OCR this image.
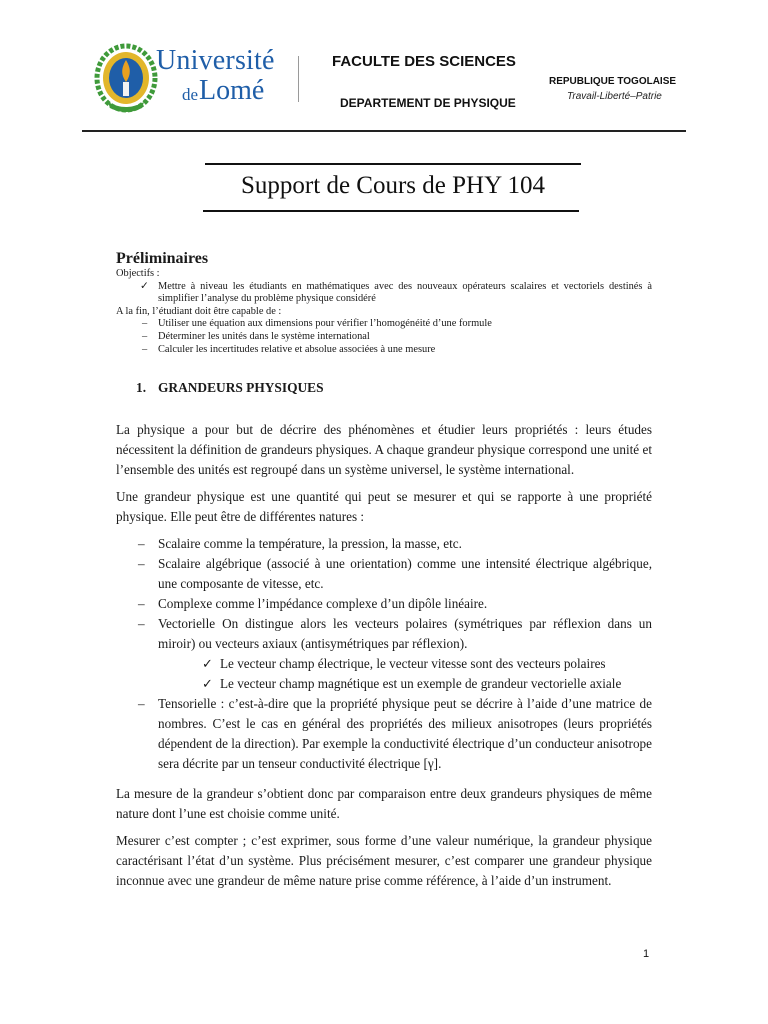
Université
$^{de}$Lomé
FACULTE DES SCIENCES
DEPARTEMENT DE PHYSIQUE
REPUBLIQUE TOGOLAISE
Travail-Liberté–Patrie
Support de Cours de PHY 104
Préliminaires

Objectifs :

✓ Mettre à niveau les étudiants en mathématiques avec des nouveaux opérateurs scalaires et vectoriels destinés à simplifier l’analyse du problème physique considéré

A la fin, l’étudiant doit être capable de :

– Utiliser une équation aux dimensions pour vérifier l’homogénéité d’une formule
– Déterminer les unités dans le système international
– Calculer les incertitudes relative et absolue associées à une mesure
1. GRANDEURS PHYSIQUES

La physique a pour but de décrire des phénomènes et étudier leurs propriétés : leurs études nécessitent la définition de grandeurs physiques. A chaque grandeur physique correspond une unité et l’ensemble des unités est regroupé dans un système universel, le système international.

Une grandeur physique est une quantité qui peut se mesurer et qui se rapporte à une propriété physique. Elle peut être de différentes natures :

– Scalaire comme la température, la pression, la masse, etc.
– Scalaire algébrique (associé à une orientation) comme une intensité électrique algébrique, une composante de vitesse, etc.
– Complexe comme l’impédance complexe d’un dipôle linéaire.
– Vectorielle On distingue alors les vecteurs polaires (symétriques par réflexion dans un miroir) ou vecteurs axiaux (antisymétriques par réflexion).
✓ Le vecteur champ électrique, le vecteur vitesse sont des vecteurs polaires
✓ Le vecteur champ magnétique est un exemple de grandeur vectorielle axiale
– Tensorielle : c’est-à-dire que la propriété physique peut se décrire à l’aide d’une matrice de nombres. C’est le cas en général des propriétés des milieux anisotropes (leurs propriétés dépendent de la direction). Par exemple la conductivité électrique d’un conducteur anisotrope sera décrite par un tenseur conductivité électrique [γ].

La mesure de la grandeur s’obtient donc par comparaison entre deux grandeurs physiques de même nature dont l’une est choisie comme unité.

Mesurer c’est compter ; c’est exprimer, sous forme d’une valeur numérique, la grandeur physique caractérisant l’état d’un système. Plus précisément mesurer, c’est comparer une grandeur physique inconnue avec une grandeur de même nature prise comme référence, à l’aide d’un instrument.

1
